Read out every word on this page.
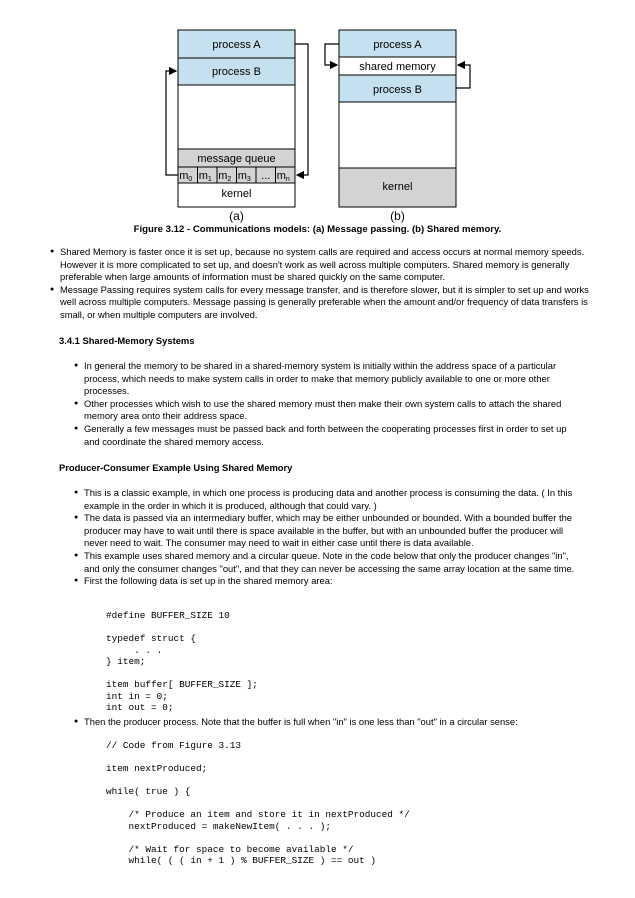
process A
process B
message queue
m0 m1 m2 m3 ... mn
kernel
(a)
process A
shared memory
process B
kernel
(b)
Figure 3.12 - Communications models: (a) Message passing. (b) Shared memory.
● Shared Memory is faster once it is set up, because no system calls are required and access occurs at normal memory speeds. However it is more complicated to set up, and doesn't work as well across multiple computers. Shared memory is generally preferable when large amounts of information must be shared quickly on the same computer.
● Message Passing requires system calls for every message transfer, and is therefore slower, but it is simpler to set up and works well across multiple computers. Message passing is generally preferable when the amount and/or frequency of data transfers is small, or when multiple computers are involved.
3.4.1 Shared-Memory Systems
● In general the memory to be shared in a shared-memory system is initially within the address space of a particular process, which needs to make system calls in order to make that memory publicly available to one or more other processes.
● Other processes which wish to use the shared memory must then make their own system calls to attach the shared memory area onto their address space.
● Generally a few messages must be passed back and forth between the cooperating processes first in order to set up and coordinate the shared memory access.
Producer-Consumer Example Using Shared Memory
● This is a classic example, in which one process is producing data and another process is consuming the data. ( In this example in the order in which it is produced, although that could vary. )
● The data is passed via an intermediary buffer, which may be either unbounded or bounded. With a bounded buffer the producer may have to wait until there is space available in the buffer, but with an unbounded buffer the producer will never need to wait. The consumer may need to wait in either case until there is data available.
● This example uses shared memory and a circular queue. Note in the code below that only the producer changes "in", and only the consumer changes "out", and that they can never be accessing the same array location at the same time.
● First the following data is set up in the shared memory area:
#define BUFFER_SIZE 10

typedef struct {
. . .
} item;

item buffer[ BUFFER_SIZE ];
int in = 0;
int out = 0;
● Then the producer process. Note that the buffer is full when "in" is one less than "out" in a circular sense:
// Code from Figure 3.13

item nextProduced;

while( true ) {

/* Produce an item and store it in nextProduced */
nextProduced = makeNewItem( . . . );

/* Wait for space to become available */
while( ( ( in + 1 ) % BUFFER_SIZE ) == out )
